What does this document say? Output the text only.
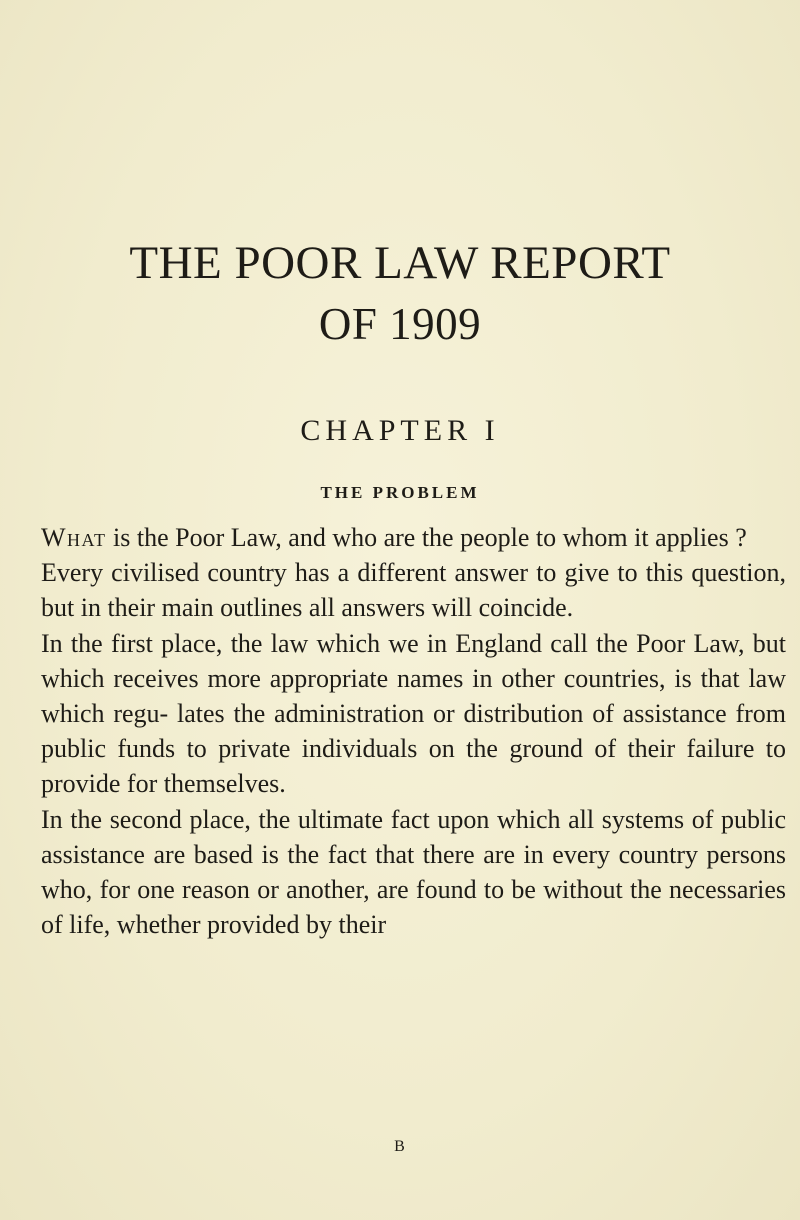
THE POOR LAW REPORT
OF 1909
CHAPTER I
THE PROBLEM

What is the Poor Law, and who are the people to whom it applies ?

Every civilised country has a different answer to give to this question, but in their main outlines all answers will coincide.

In the first place, the law which we in England call the Poor Law, but which receives more appropriate names in other countries, is that law which regu- lates the administration or distribution of assistance from public funds to private individuals on the ground of their failure to provide for themselves.

In the second place, the ultimate fact upon which all systems of public assistance are based is the fact that there are in every country persons who, for one reason or another, are found to be without the necessaries of life, whether provided by their

B
